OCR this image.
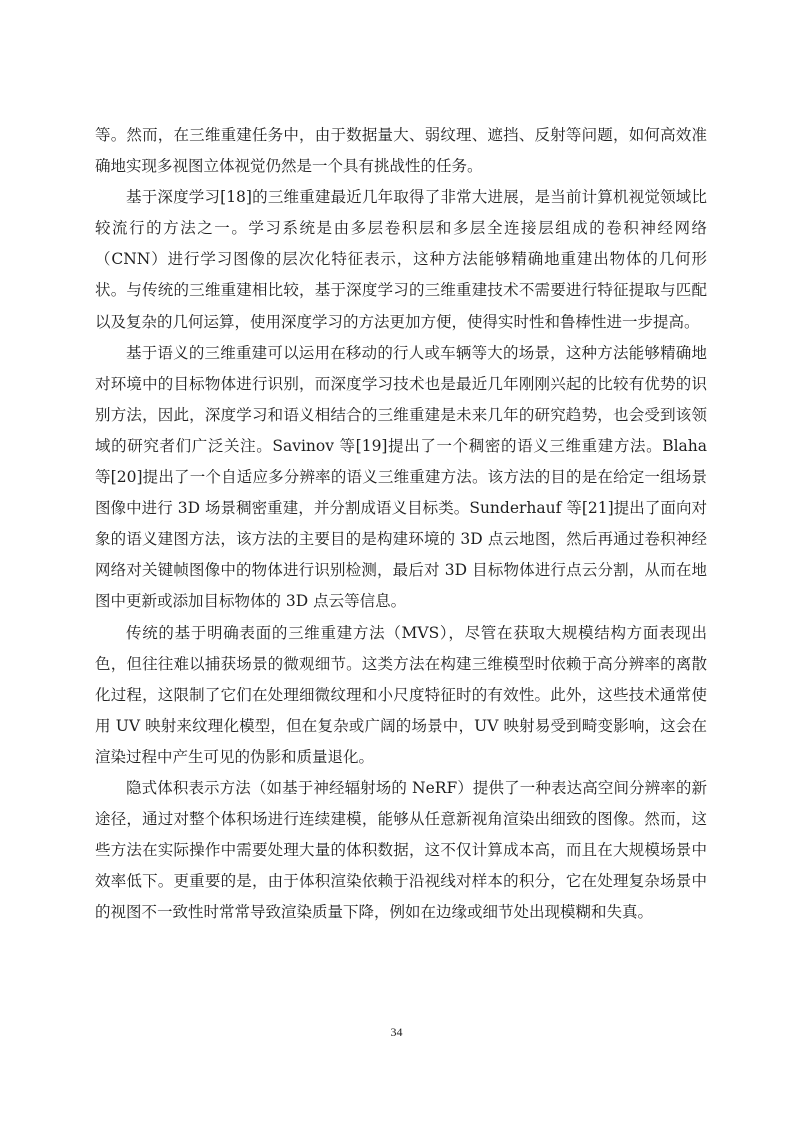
等。然而，在三维重建任务中，由于数据量大、弱纹理、遮挡、反射等问题，如何高效准确地实现多视图立体视觉仍然是一个具有挑战性的任务。

基于深度学习[18]的三维重建最近几年取得了非常大进展，是当前计算机视觉领域比较流行的方法之一。学习系统是由多层卷积层和多层全连接层组成的卷积神经网络（CNN）进行学习图像的层次化特征表示，这种方法能够精确地重建出物体的几何形状。与传统的三维重建相比较，基于深度学习的三维重建技术不需要进行特征提取与匹配以及复杂的几何运算，使用深度学习的方法更加方便，使得实时性和鲁棒性进一步提高。

基于语义的三维重建可以运用在移动的行人或车辆等大的场景，这种方法能够精确地对环境中的目标物体进行识别，而深度学习技术也是最近几年刚刚兴起的比较有优势的识别方法，因此，深度学习和语义相结合的三维重建是未来几年的研究趋势，也会受到该领域的研究者们广泛关注。Savinov 等[19]提出了一个稠密的语义三维重建方法。Blaha 等[20]提出了一个自适应多分辨率的语义三维重建方法。该方法的目的是在给定一组场景图像中进行 3D 场景稠密重建，并分割成语义目标类。Sunderhauf 等[21]提出了面向对象的语义建图方法，该方法的主要目的是构建环境的 3D 点云地图，然后再通过卷积神经网络对关键帧图像中的物体进行识别检测，最后对 3D 目标物体进行点云分割，从而在地图中更新或添加目标物体的 3D 点云等信息。

传统的基于明确表面的三维重建方法（MVS），尽管在获取大规模结构方面表现出色，但往往难以捕获场景的微观细节。这类方法在构建三维模型时依赖于高分辨率的离散化过程，这限制了它们在处理细微纹理和小尺度特征时的有效性。此外，这些技术通常使用 UV 映射来纹理化模型，但在复杂或广阔的场景中，UV 映射易受到畸变影响，这会在渲染过程中产生可见的伪影和质量退化。

隐式体积表示方法（如基于神经辐射场的 NeRF）提供了一种表达高空间分辨率的新途径，通过对整个体积场进行连续建模，能够从任意新视角渲染出细致的图像。然而，这些方法在实际操作中需要处理大量的体积数据，这不仅计算成本高，而且在大规模场景中效率低下。更重要的是，由于体积渲染依赖于沿视线对样本的积分，它在处理复杂场景中的视图不一致性时常常导致渲染质量下降，例如在边缘或细节处出现模糊和失真。

34
